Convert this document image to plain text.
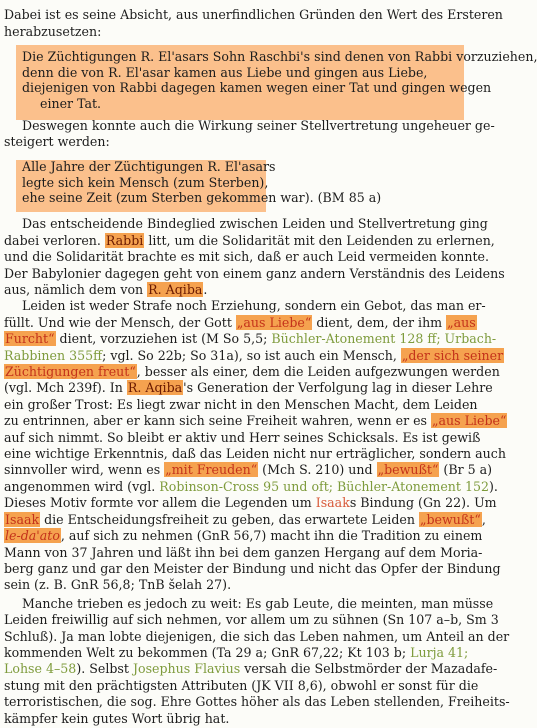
Dabei ist es seine Absicht, aus unerfindlichen Gründen den Wert des Ersteren
herabzusetzen:
Die Züchtigungen R. El'asars Sohn Raschbi's sind denen von Rabbi vorzuziehen,
denn die von R. El'asar kamen aus Liebe und gingen aus Liebe,
diejenigen von Rabbi dagegen kamen wegen einer Tat und gingen wegen
einer Tat.
Deswegen konnte auch die Wirkung seiner Stellvertretung ungeheuer ge-
steigert werden:
Alle Jahre der Züchtigungen R. El'asars
legte sich kein Mensch (zum Sterben),
ehe seine Zeit (zum Sterben gekommen war). (BM 85 a)
Das entscheidende Bindeglied zwischen Leiden und Stellvertretung ging
dabei verloren. Rabbi litt, um die Solidarität mit den Leidenden zu erlernen,
und die Solidarität brachte es mit sich, daß er auch Leid vermeiden konnte.
Der Babylonier dagegen geht von einem ganz andern Verständnis des Leidens
aus, nämlich dem von R. Aqiba.
Leiden ist weder Strafe noch Erziehung, sondern ein Gebot, das man er-
füllt. Und wie der Mensch, der Gott „aus Liebe“ dient, dem, der ihm „aus
Furcht“ dient, vorzuziehen ist (M So 5,5; Büchler-Atonement 128 ff; Urbach-
Rabbinen 355ff; vgl. So 22b; So 31a), so ist auch ein Mensch, „der sich seiner
Züchtigungen freut“, besser als einer, dem die Leiden aufgezwungen werden
(vgl. Mch 239f). In R. Aqiba's Generation der Verfolgung lag in dieser Lehre
ein großer Trost: Es liegt zwar nicht in den Menschen Macht, dem Leiden
zu entrinnen, aber er kann sich seine Freiheit wahren, wenn er es „aus Liebe“
auf sich nimmt. So bleibt er aktiv und Herr seines Schicksals. Es ist gewiß
eine wichtige Erkenntnis, daß das Leiden nicht nur erträglicher, sondern auch
sinnvoller wird, wenn es „mit Freuden“ (Mch S. 210) und „bewußt“ (Br 5 a)
angenommen wird (vgl. Robinson-Cross 95 und oft; Büchler-Atonement 152).
Dieses Motiv formte vor allem die Legenden um Isaaks Bindung (Gn 22). Um
Isaak die Entscheidungsfreiheit zu geben, das erwartete Leiden „bewußt“,
le-da'ato, auf sich zu nehmen (GnR 56,7) macht ihn die Tradition zu einem
Mann von 37 Jahren und läßt ihn bei dem ganzen Hergang auf dem Moria-
berg ganz und gar den Meister der Bindung und nicht das Opfer der Bindung
sein (z. B. GnR 56,8; TnB šelah 27).
Manche trieben es jedoch zu weit: Es gab Leute, die meinten, man müsse
Leiden freiwillig auf sich nehmen, vor allem um zu sühnen (Sn 107 a–b, Sm 3
Schluß). Ja man lobte diejenigen, die sich das Leben nahmen, um Anteil an der
kommenden Welt zu bekommen (Ta 29 a; GnR 67,22; Kt 103 b; Lurja 41;
Lohse 4–58). Selbst Josephus Flavius versah die Selbstmörder der Mazadafe-
stung mit den prächtigsten Attributen (JK VII 8,6), obwohl er sonst für die
terroristischen, die sog. Ehre Gottes höher als das Leben stellenden, Freiheits-
kämpfer kein gutes Wort übrig hat.
